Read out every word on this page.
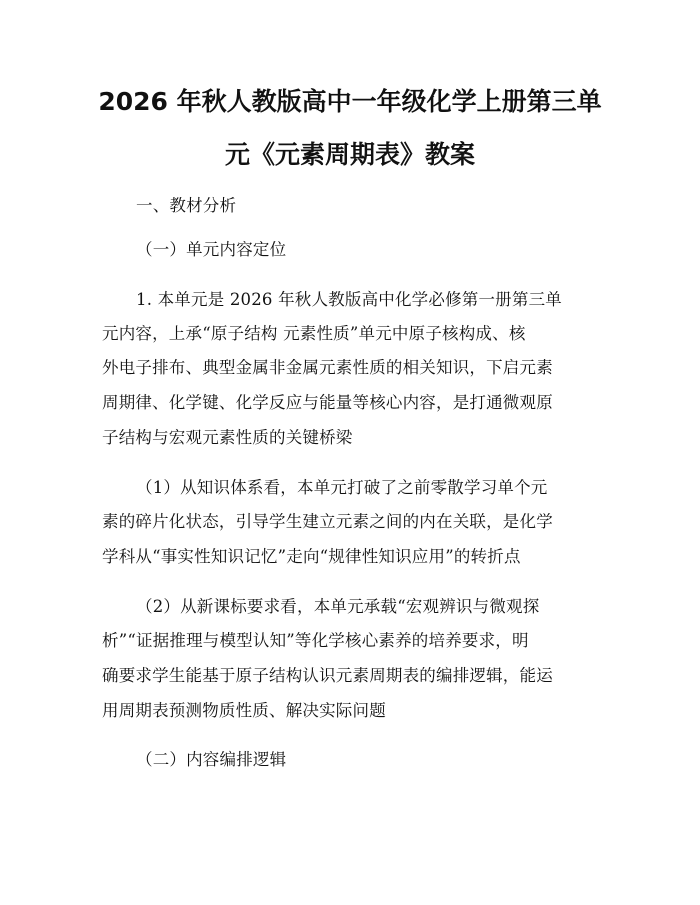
2026 年秋人教版高中一年级化学上册第三单
元《元素周期表》教案

一、教材分析

（一）单元内容定位

1. 本单元是 2026 年秋人教版高中化学必修第一册第三单

元内容，上承“原子结构 元素性质”单元中原子核构成、核

外电子排布、典型金属非金属元素性质的相关知识，下启元素

周期律、化学键、化学反应与能量等核心内容，是打通微观原

子结构与宏观元素性质的关键桥梁

（1）从知识体系看，本单元打破了之前零散学习单个元

素的碎片化状态，引导学生建立元素之间的内在关联，是化学

学科从“事实性知识记忆”走向“规律性知识应用”的转折点

（2）从新课标要求看，本单元承载“宏观辨识与微观探

析”“证据推理与模型认知”等化学核心素养的培养要求，明

确要求学生能基于原子结构认识元素周期表的编排逻辑，能运

用周期表预测物质性质、解决实际问题

（二）内容编排逻辑
